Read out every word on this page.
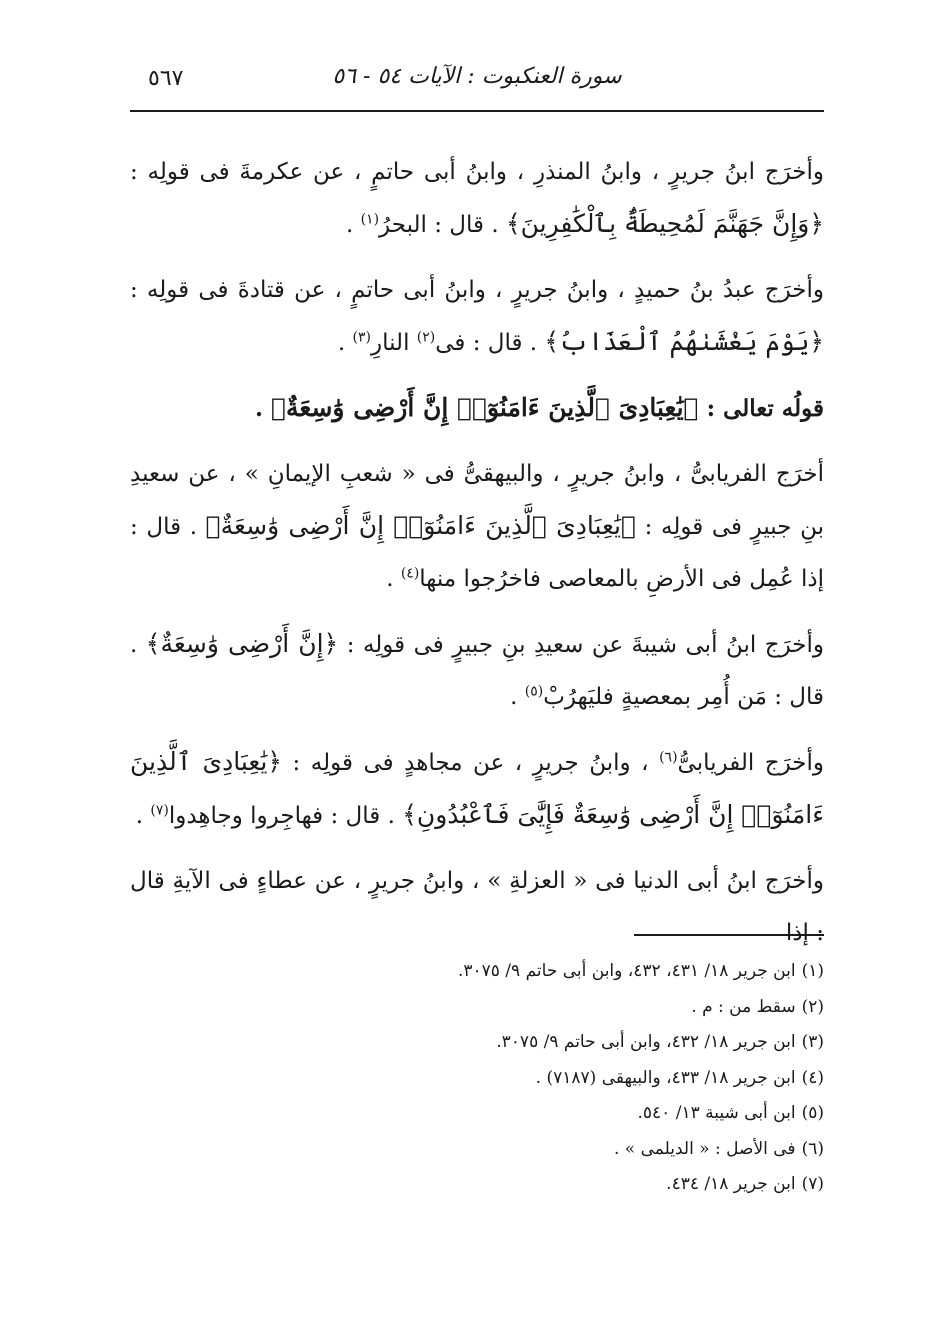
سورة العنكبوت : الآيات ٥٤ - ٥٦
٥٦٧

وأخرَج ابنُ جريرٍ ، وابنُ المنذرِ ، وابنُ أبى حاتمٍ ، عن عكرمةَ فى قولِه : ﴿وَإِنَّ جَهَنَّمَ لَمُحِيطَةٌۢ بِٱلْكَٰفِرِينَ﴾ . قال : البحرُ$^{(١)}$ .

وأخرَج عبدُ بنُ حميدٍ ، وابنُ جريرٍ ، وابنُ أبى حاتمٍ ، عن قتادةَ فى قولِه : ﴿يَوْمَ يَغْشَىٰهُمُ ٱلْعَذَابُ﴾ . قال : فى$^{(٢)}$ النارِ$^{(٣)}$ .

قولُه تعالى : ﴿يَٰعِبَادِىَ ٱلَّذِينَ ءَامَنُوٓا۟ إِنَّ أَرْضِى وَٰسِعَةٌ﴾ .

أخرَج الفريابىُّ ، وابنُ جريرٍ ، والبيهقىُّ فى « شعبِ الإيمانِ » ، عن سعيدِ بنِ جبيرٍ فى قولِه : ﴿يَٰعِبَادِىَ ٱلَّذِينَ ءَامَنُوٓا۟ إِنَّ أَرْضِى وَٰسِعَةٌ﴾ . قال : إذا عُمِل فى الأرضِ بالمعاصى فاخرُجوا منها$^{(٤)}$ .

وأخرَج ابنُ أبى شيبةَ عن سعيدِ بنِ جبيرٍ فى قولِه : ﴿إِنَّ أَرْضِى وَٰسِعَةٌ﴾ . قال : مَن أُمِر بمعصيةٍ فليَهرُبْ$^{(٥)}$ .

وأخرَج الفريابىُّ$^{(٦)}$ ، وابنُ جريرٍ ، عن مجاهدٍ فى قولِه : ﴿يَٰعِبَادِىَ ٱلَّذِينَ ءَامَنُوٓا۟ إِنَّ أَرْضِى وَٰسِعَةٌ فَإِيَّٰىَ فَٱعْبُدُونِ﴾ . قال : فهاجِروا وجاهِدوا$^{(٧)}$ .

وأخرَج ابنُ أبى الدنيا فى « العزلةِ » ، وابنُ جريرٍ ، عن عطاءٍ فى الآيةِ قال : إذا

(١)ابن جرير ١٨/ ٤٣١، ٤٣٢، وابن أبى حاتم ٩/ ٣٠٧٥.
(٢)سقط من : م .
(٣)ابن جرير ١٨/ ٤٣٢، وابن أبى حاتم ٩/ ٣٠٧٥.
(٤)ابن جرير ١٨/ ٤٣٣، والبيهقى (٧١٨٧) .
(٥)ابن أبى شيبة ١٣/ ٥٤٠.
(٦)فى الأصل : « الديلمى » .
(٧)ابن جرير ١٨/ ٤٣٤.
